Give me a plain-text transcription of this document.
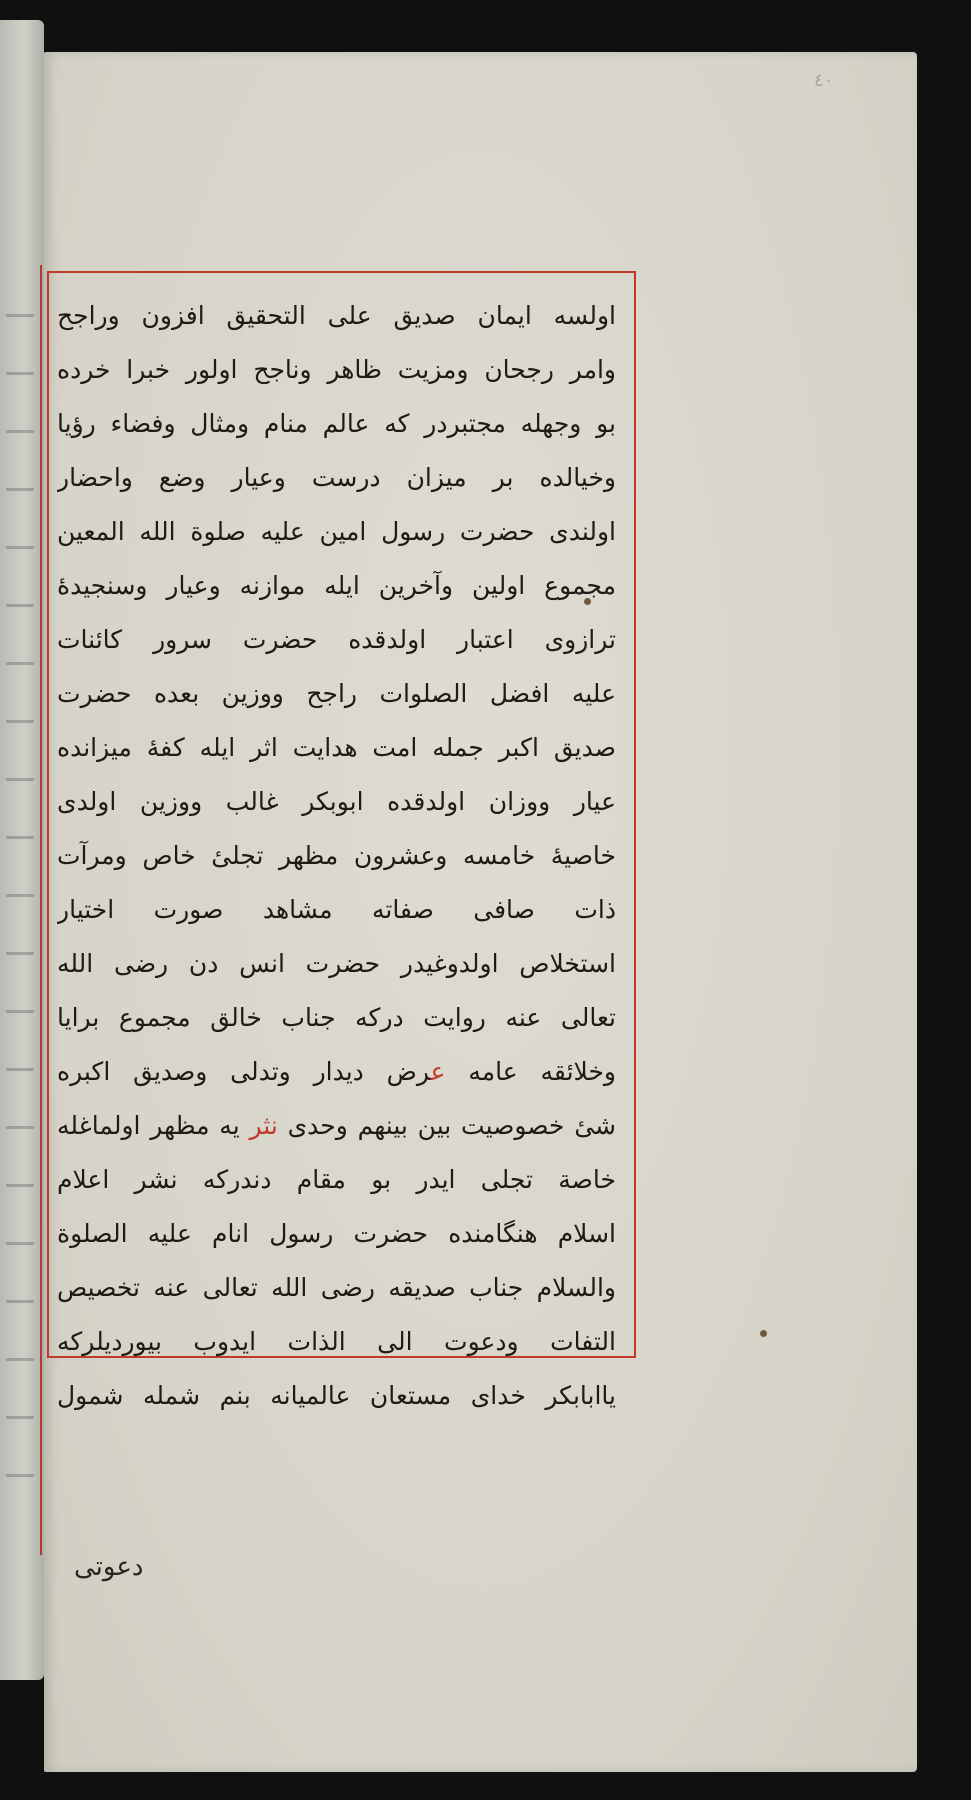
٤٠
اولسه ایمان صدیق علی التحقیق افزون وراجح
وامر رجحان ومزیت ظاهر وناجح اولور خبرا خرده
بو وجهله مجتبردر که عالم منام ومثال وفضاء رؤیا
وخیالده بر میزان درست وعیار وضع واحضار
اولندی حضرت رسول امین علیه صلوة الله المعین
مجموع اولین وآخرین ایله موازنه وعیار وسنجیدهٔ
ترازوی اعتبار اولدقده حضرت سرور کائنات
علیه افضل الصلوات راجح ووزین بعده حضرت
صدیق اکبر جمله امت هدایت اثر ایله کفهٔ میزانده
عیار ووزان اولدقده ابوبکر غالب ووزین اولدی
خاصیهٔ خامسه وعشرون مظهر تجلیٔ خاص ومرآت
ذات صافی صفاته مشاهد صورت اختیار
استخلاص اولدوغیدر حضرت انس دن رضی الله
تعالی عنه روایت درکه جناب خالق مجموع برایا
وخلائقه عامه عرض دیدار وتدلی وصدیق اکبره
شیٔ خصوصیت بین بینهم وحدی نثر یه مظهر اولماغله
خاصة تجلی ایدر بو مقام دندرکه نشر اعلام
اسلام هنگامنده حضرت رسول انام علیه الصلوة
والسلام جناب صدیقه رضی الله تعالی عنه تخصیص
التفات ودعوت الی الذات ایدوب بیوردیلرکه
یاابابکر خدای مستعان عالمیانه بنم شمله شمول
دعوتی
